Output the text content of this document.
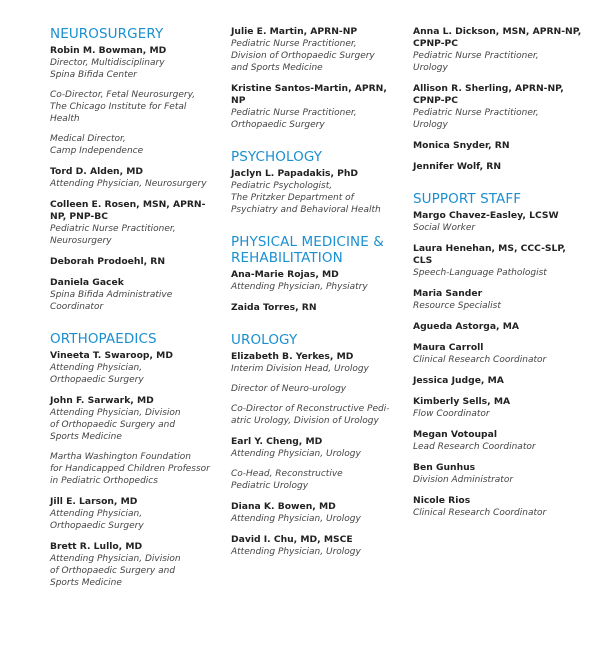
NEUROSURGERY
Robin M. Bowman, MD
Director, Multidisciplinary
Spina Bifida Center
Co-Director, Fetal Neurosurgery,
The Chicago Institute for Fetal
Health
Medical Director,
Camp Independence
Tord D. Alden, MD
Attending Physician, Neurosurgery
Colleen E. Rosen, MSN, APRN-NP, PNP-BC
Pediatric Nurse Practitioner,
Neurosurgery
Deborah Prodoehl, RN
Daniela Gacek
Spina Bifida Administrative
Coordinator
ORTHOPAEDICS
Vineeta T. Swaroop, MD
Attending Physician,
Orthopaedic Surgery
John F. Sarwark, MD
Attending Physician, Division
of Orthopaedic Surgery and
Sports Medicine
Martha Washington Foundation
for Handicapped Children Professor
in Pediatric Orthopedics
Jill E. Larson, MD
Attending Physician,
Orthopaedic Surgery
Brett R. Lullo, MD
Attending Physician, Division
of Orthopaedic Surgery and
Sports Medicine
Julie E. Martin, APRN-NP
Pediatric Nurse Practitioner,
Division of Orthopaedic Surgery
and Sports Medicine
Kristine Santos-Martin, APRN, NP
Pediatric Nurse Practitioner,
Orthopaedic Surgery
PSYCHOLOGY
Jaclyn L. Papadakis, PhD
Pediatric Psychologist,
The Pritzker Department of
Psychiatry and Behavioral Health
PHYSICAL MEDICINE & REHABILITATION
Ana-Marie Rojas, MD
Attending Physician, Physiatry
Zaida Torres, RN
UROLOGY
Elizabeth B. Yerkes, MD
Interim Division Head, Urology
Director of Neuro-urology
Co-Director of Reconstructive Pedi-
atric Urology, Division of Urology
Earl Y. Cheng, MD
Attending Physician, Urology
Co-Head, Reconstructive
Pediatric Urology
Diana K. Bowen, MD
Attending Physician, Urology
David I. Chu, MD, MSCE
Attending Physician, Urology
Anna L. Dickson, MSN, APRN-NP, CPNP-PC
Pediatric Nurse Practitioner,
Urology
Allison R. Sherling, APRN-NP, CPNP-PC
Pediatric Nurse Practitioner,
Urology
Monica Snyder, RN
Jennifer Wolf, RN
SUPPORT STAFF
Margo Chavez-Easley, LCSW
Social Worker
Laura Henehan, MS, CCC-SLP, CLS
Speech-Language Pathologist
Maria Sander
Resource Specialist
Agueda Astorga, MA
Maura Carroll
Clinical Research Coordinator
Jessica Judge, MA
Kimberly Sells, MA
Flow Coordinator
Megan Votoupal
Lead Research Coordinator
Ben Gunhus
Division Administrator
Nicole Rios
Clinical Research Coordinator
